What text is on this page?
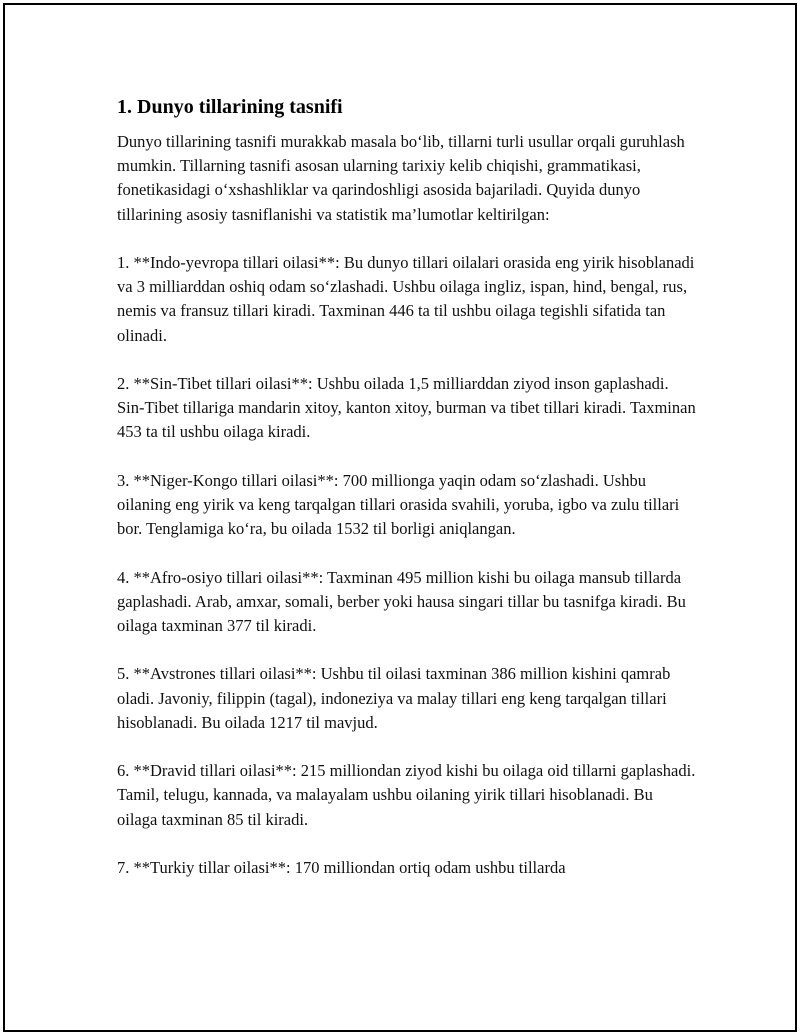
1. Dunyo tillarining tasnifi

Dunyo tillarining tasnifi murakkab masala bo‘lib, tillarni turli usullar orqali guruhlash mumkin. Tillarning tasnifi asosan ularning tarixiy kelib chiqishi, grammatikasi, fonetikasidagi o‘xshashliklar va qarindoshligi asosida bajariladi. Quyida dunyo tillarining asosiy tasniflanishi va statistik ma’lumotlar keltirilgan:

1. **Indo-yevropa tillari oilasi**: Bu dunyo tillari oilalari orasida eng yirik hisoblanadi va 3 milliarddan oshiq odam so‘zlashadi. Ushbu oilaga ingliz, ispan, hind, bengal, rus, nemis va fransuz tillari kiradi. Taxminan 446 ta til ushbu oilaga tegishli sifatida tan olinadi.

2. **Sin-Tibet tillari oilasi**: Ushbu oilada 1,5 milliarddan ziyod inson gaplashadi. Sin-Tibet tillariga mandarin xitoy, kanton xitoy, burman va tibet tillari kiradi. Taxminan 453 ta til ushbu oilaga kiradi.

3. **Niger-Kongo tillari oilasi**: 700 millionga yaqin odam so‘zlashadi. Ushbu oilaning eng yirik va keng tarqalgan tillari orasida svahili, yoruba, igbo va zulu tillari bor. Tenglamiga ko‘ra, bu oilada 1532 til borligi aniqlangan.

4. **Afro-osiyo tillari oilasi**: Taxminan 495 million kishi bu oilaga mansub tillarda gaplashadi. Arab, amxar, somali, berber yoki hausa singari tillar bu tasnifga kiradi. Bu oilaga taxminan 377 til kiradi.

5. **Avstrones tillari oilasi**: Ushbu til oilasi taxminan 386 million kishini qamrab oladi. Javoniy, filippin (tagal), indoneziya va malay tillari eng keng tarqalgan tillari hisoblanadi. Bu oilada 1217 til mavjud.

6. **Dravid tillari oilasi**: 215 milliondan ziyod kishi bu oilaga oid tillarni gaplashadi. Tamil, telugu, kannada, va malayalam ushbu oilaning yirik tillari hisoblanadi. Bu oilaga taxminan 85 til kiradi.

7. **Turkiy tillar oilasi**: 170 milliondan ortiq odam ushbu tillarda
